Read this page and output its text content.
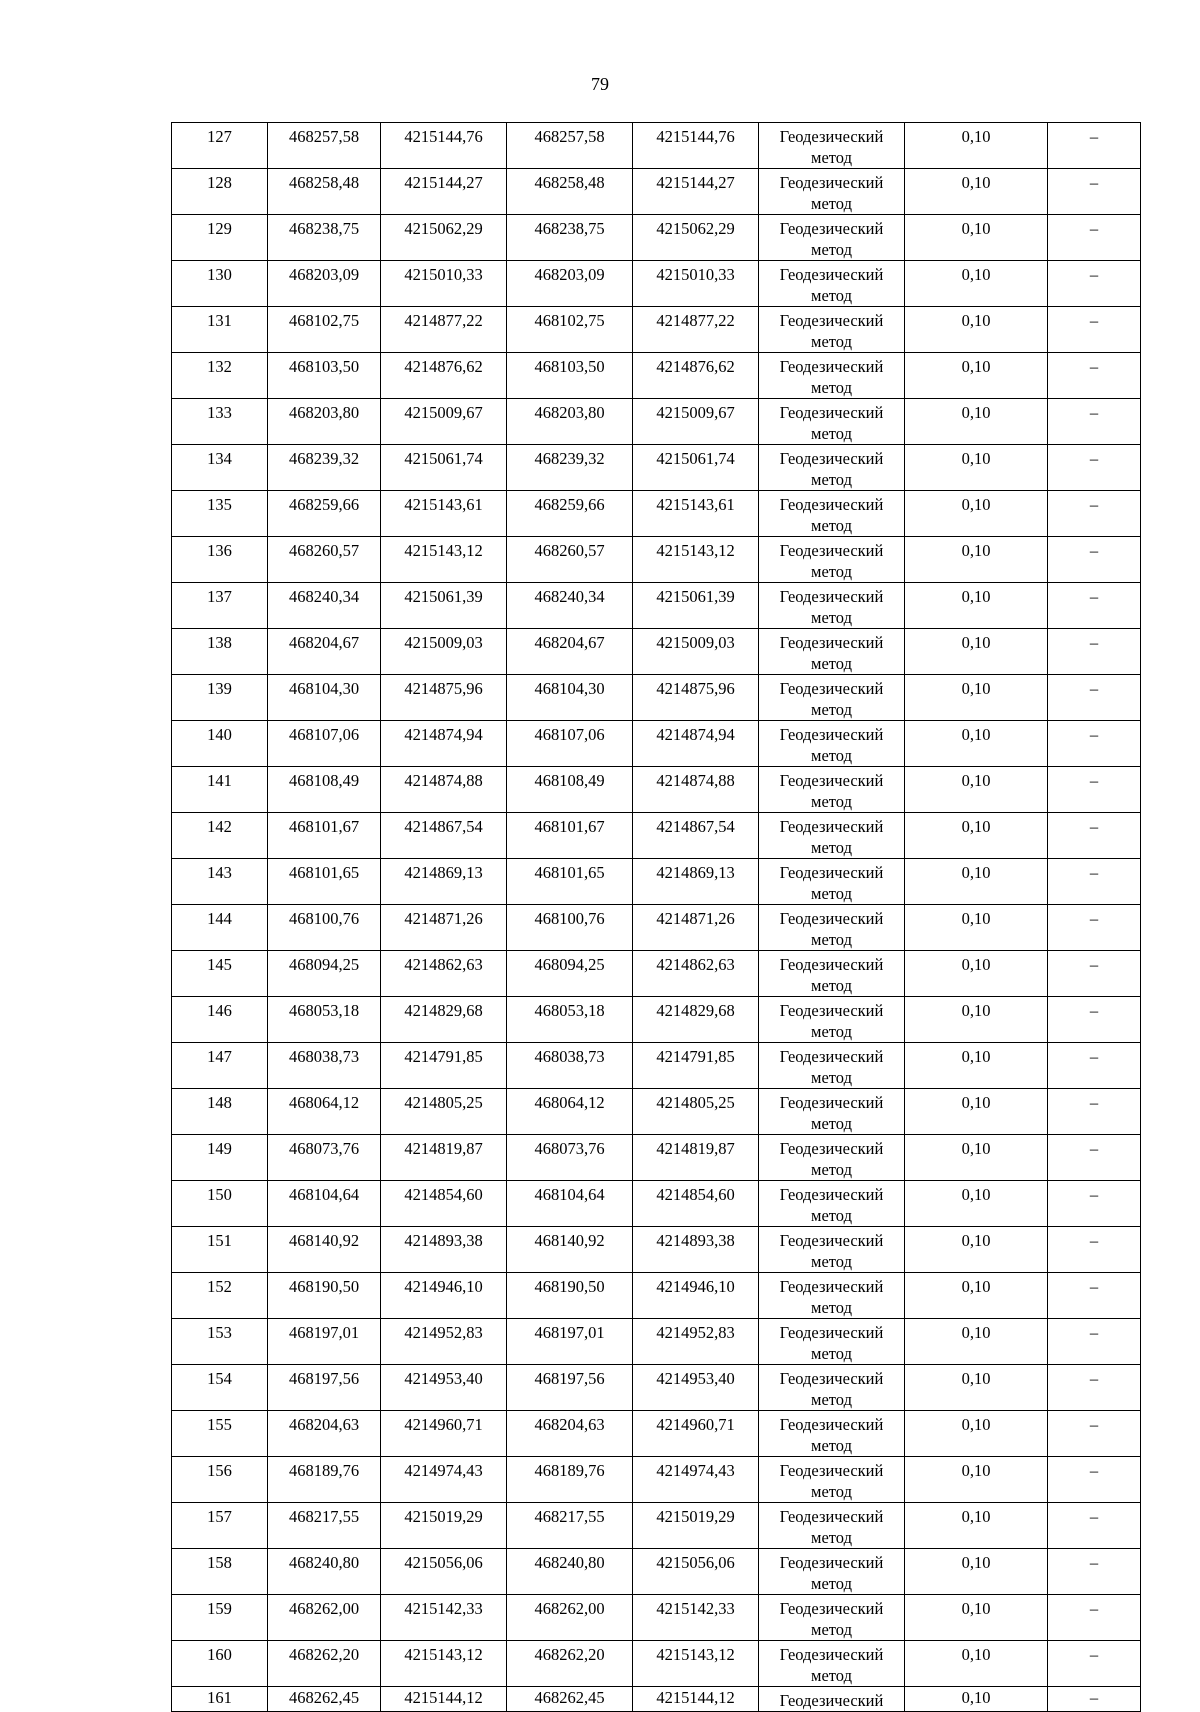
79
127	468257,58	4215144,76	468257,58	4215144,76	Геодезический
метод	0,10	–

128	468258,48	4215144,27	468258,48	4215144,27	Геодезический
метод	0,10	–

129	468238,75	4215062,29	468238,75	4215062,29	Геодезический
метод	0,10	–

130	468203,09	4215010,33	468203,09	4215010,33	Геодезический
метод	0,10	–

131	468102,75	4214877,22	468102,75	4214877,22	Геодезический
метод	0,10	–

132	468103,50	4214876,62	468103,50	4214876,62	Геодезический
метод	0,10	–

133	468203,80	4215009,67	468203,80	4215009,67	Геодезический
метод	0,10	–

134	468239,32	4215061,74	468239,32	4215061,74	Геодезический
метод	0,10	–

135	468259,66	4215143,61	468259,66	4215143,61	Геодезический
метод	0,10	–

136	468260,57	4215143,12	468260,57	4215143,12	Геодезический
метод	0,10	–

137	468240,34	4215061,39	468240,34	4215061,39	Геодезический
метод	0,10	–

138	468204,67	4215009,03	468204,67	4215009,03	Геодезический
метод	0,10	–

139	468104,30	4214875,96	468104,30	4214875,96	Геодезический
метод	0,10	–

140	468107,06	4214874,94	468107,06	4214874,94	Геодезический
метод	0,10	–

141	468108,49	4214874,88	468108,49	4214874,88	Геодезический
метод	0,10	–

142	468101,67	4214867,54	468101,67	4214867,54	Геодезический
метод	0,10	–

143	468101,65	4214869,13	468101,65	4214869,13	Геодезический
метод	0,10	–

144	468100,76	4214871,26	468100,76	4214871,26	Геодезический
метод	0,10	–

145	468094,25	4214862,63	468094,25	4214862,63	Геодезический
метод	0,10	–

146	468053,18	4214829,68	468053,18	4214829,68	Геодезический
метод	0,10	–

147	468038,73	4214791,85	468038,73	4214791,85	Геодезический
метод	0,10	–

148	468064,12	4214805,25	468064,12	4214805,25	Геодезический
метод	0,10	–

149	468073,76	4214819,87	468073,76	4214819,87	Геодезический
метод	0,10	–

150	468104,64	4214854,60	468104,64	4214854,60	Геодезический
метод	0,10	–

151	468140,92	4214893,38	468140,92	4214893,38	Геодезический
метод	0,10	–

152	468190,50	4214946,10	468190,50	4214946,10	Геодезический
метод	0,10	–

153	468197,01	4214952,83	468197,01	4214952,83	Геодезический
метод	0,10	–

154	468197,56	4214953,40	468197,56	4214953,40	Геодезический
метод	0,10	–

155	468204,63	4214960,71	468204,63	4214960,71	Геодезический
метод	0,10	–

156	468189,76	4214974,43	468189,76	4214974,43	Геодезический
метод	0,10	–

157	468217,55	4215019,29	468217,55	4215019,29	Геодезический
метод	0,10	–

158	468240,80	4215056,06	468240,80	4215056,06	Геодезический
метод	0,10	–

159	468262,00	4215142,33	468262,00	4215142,33	Геодезический
метод	0,10	–

160	468262,20	4215143,12	468262,20	4215143,12	Геодезический
метод	0,10	–

161	468262,45	4215144,12	468262,45	4215144,12	Геодезический	0,10	–
